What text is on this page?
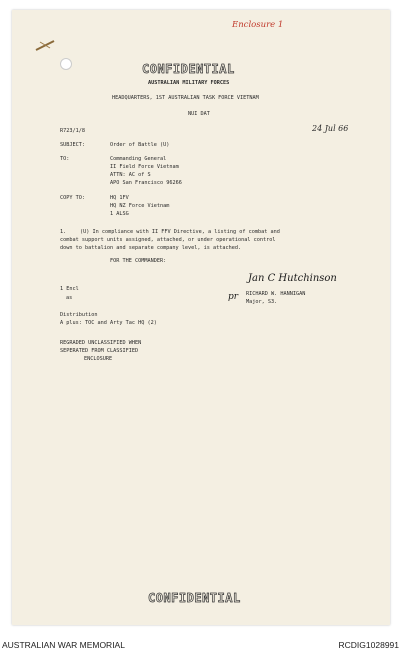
Enclosure 1
CONFIDENTIAL
AUSTRALIAN MILITARY FORCES
HEADQUARTERS, 1ST AUSTRALIAN TASK FORCE VIETNAM
NUI DAT
R723/1/8	24 Jul 66
SUBJECT:	Order of Battle (U)
TO:	Commanding General
II Field Force Vietnam
ATTN: AC of S
APO San Francisco 96266
COPY TO:	HQ 1FV
HQ NZ Force Vietnam
1 ALSG
1.	(U) In compliance with II FFV Directive, a listing of combat and
combat support units assigned, attached, or under operational control
down to battalion and separate company level, is attached.
FOR THE COMMANDER:
Jan C Hutchinson
pr RICHARD W. HANNIGAN
Major, S3.
1 Encl
as
Distribution
A plus: TOC and Arty Tac HQ (2)
REGRADED UNCLASSIFIED WHEN
SEPERATED FROM CLASSIFIED
ENCLOSURE
CONFIDENTIAL
AUSTRALIAN WAR MEMORIAL	RCDIG1028991
